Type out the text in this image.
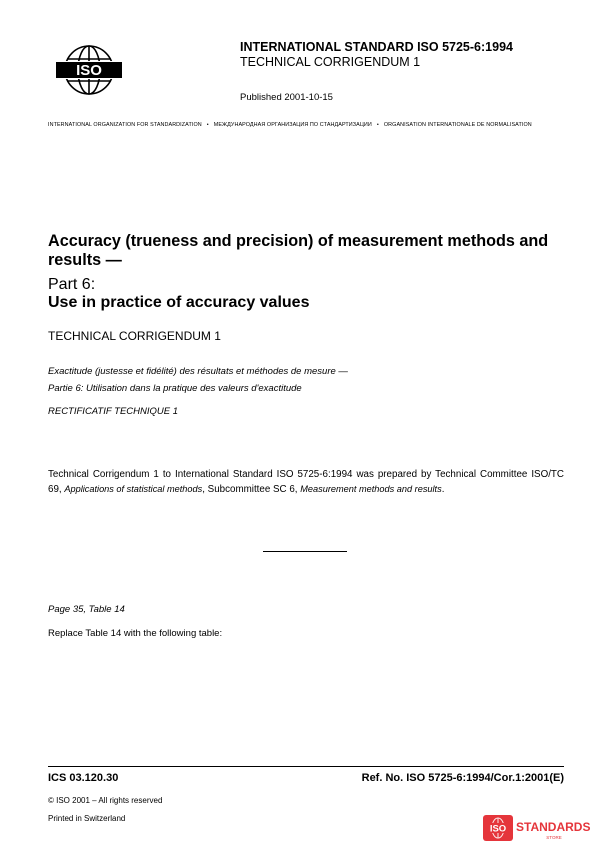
ISO
INTERNATIONAL STANDARD ISO 5725-6:1994
TECHNICAL CORRIGENDUM 1
Published 2001-10-15
INTERNATIONAL ORGANIZATION FOR STANDARDIZATION • МЕЖДУНАРОДНАЯ ОРГАНИЗАЦИЯ ПО СТАНДАРТИЗАЦИИ • ORGANISATION INTERNATIONALE DE NORMALISATION
Accuracy (trueness and precision) of measurement methods and results —
Part 6:
Use in practice of accuracy values
TECHNICAL CORRIGENDUM 1
Exactitude (justesse et fidélité) des résultats et méthodes de mesure —
Partie 6: Utilisation dans la pratique des valeurs d'exactitude
RECTIFICATIF TECHNIQUE 1
Technical Corrigendum 1 to International Standard ISO 5725-6:1994 was prepared by Technical Committee ISO/TC 69, Applications of statistical methods, Subcommittee SC 6, Measurement methods and results.
Page 35, Table 14
Replace Table 14 with the following table:
ICS 03.120.30	Ref. No. ISO 5725-6:1994/Cor.1:2001(E)
© ISO 2001 – All rights reserved
Printed in Switzerland
ISO STANDARDS
STORE
